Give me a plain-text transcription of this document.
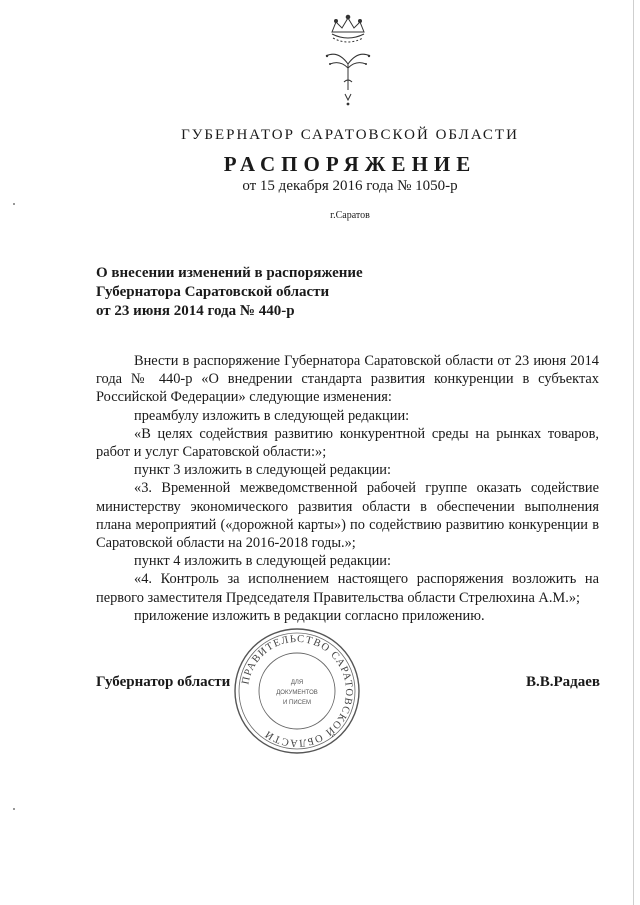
ГУБЕРНАТОР САРАТОВСКОЙ ОБЛАСТИ
РАСПОРЯЖЕНИЕ
от 15 декабря 2016 года № 1050-р
г.Саратов
О внесении изменений в распоряжение
Губернатора Саратовской области
от 23 июня 2014 года № 440-р

Внести в распоряжение Губернатора Саратовской области от 23 июня 2014 года № 440-р «О внедрении стандарта развития конкуренции в субъектах Российской Федерации» следующие изменения:

преамбулу изложить в следующей редакции:

«В целях содействия развитию конкурентной среды на рынках товаров, работ и услуг Саратовской области:»;

пункт 3 изложить в следующей редакции:

«3. Временной межведомственной рабочей группе оказать содействие министерству экономического развития области в обеспечении выполнения плана мероприятий («дорожной карты») по содействию развитию конкуренции в Саратовской области на 2016-2018 годы.»;

пункт 4 изложить в следующей редакции:

«4. Контроль за исполнением настоящего распоряжения возложить на первого заместителя Председателя Правительства области Стрелюхина А.М.»;

приложение изложить в редакции согласно приложению.

Губернатор области	В.В.Радаев
ПРАВИТЕЛЬСТВО САРАТОВСКОЙ ОБЛАСТИ
ДЛЯ
ДОКУМЕНТОВ
И ПИСЕМ
